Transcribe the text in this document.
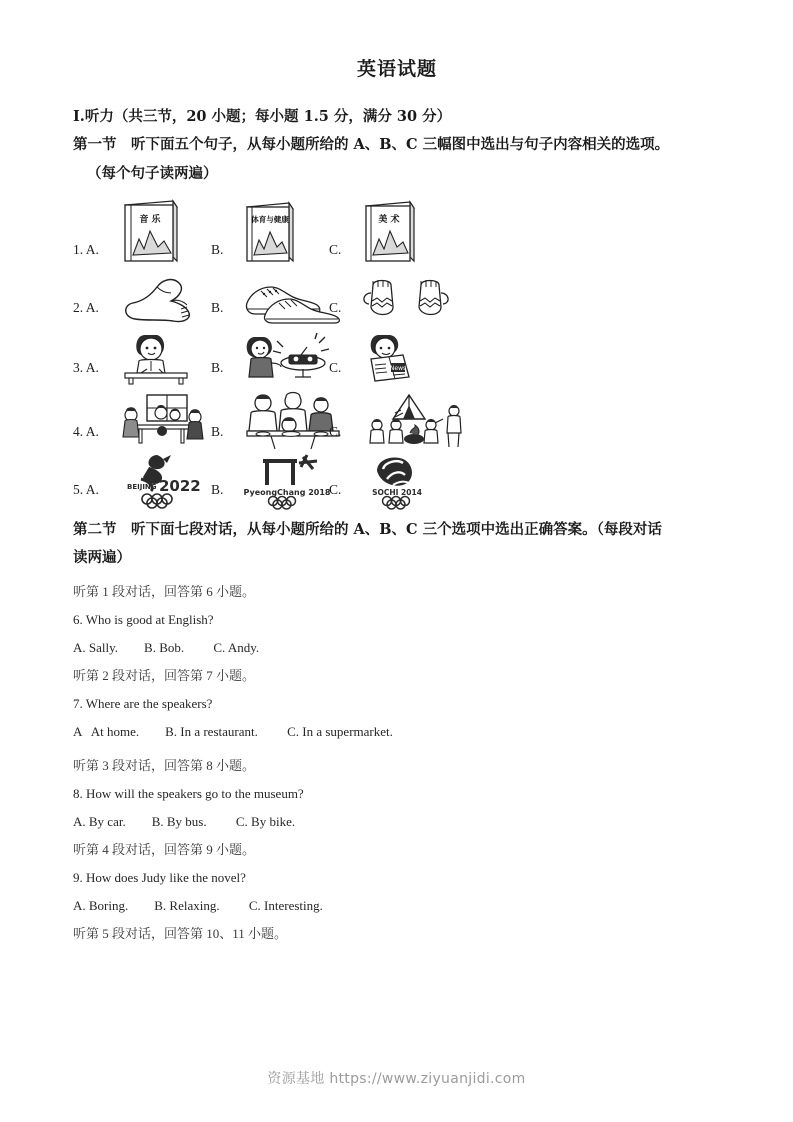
英语试题

I.听力（共三节，20 小题；每小题 1.5 分，满分 30 分）

第一节　听下面五个句子，从每小题所给的 A、B、C 三幅图中选出与句子内容相关的选项。

（每个句子读两遍）

1. A.
音 乐
B.
体育与健康
C.
美 术
2. A.	B.	C.
3. A.	B.	C.	News
4. A.	B.	C.
5. A.	BEIJING 2022 B.	PyeongChang 2018
C.	SOCHI 2014

第二节　听下面七段对话，从每小题所给的 A、B、C 三个选项中选出正确答案。（每段对话

读两遍）

听第 1 段对话，回答第 6 小题。

6. Who is good at English?

A. Sally.        B. Bob.         C. Andy.

听第 2 段对话，回答第 7 小题。

7. Where are the speakers?

A   At home.        B. In a restaurant.         C. In a supermarket.

听第 3 段对话，回答第 8 小题。

8. How will the speakers go to the museum?

A. By car.        B. By bus.         C. By bike.

听第 4 段对话，回答第 9 小题。

9. How does Judy like the novel?

A. Boring.        B. Relaxing.         C. Interesting.

听第 5 段对话，回答第 10、11 小题。

资源基地 https://www.ziyuanjidi.com
